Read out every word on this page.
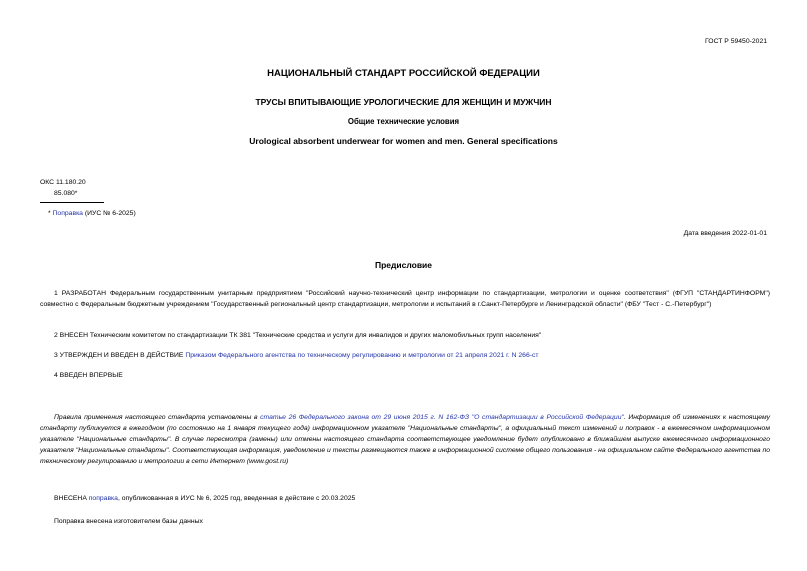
ГОСТ Р 59450-2021
НАЦИОНАЛЬНЫЙ СТАНДАРТ РОССИЙСКОЙ ФЕДЕРАЦИИ
ТРУСЫ ВПИТЫВАЮЩИЕ УРОЛОГИЧЕСКИЕ ДЛЯ ЖЕНЩИН И МУЖЧИН
Общие технические условия
Urological absorbent underwear for women and men. General specifications
ОКС 11.180.20
85.080*
* Поправка (ИУС № 6-2025)
Дата введения 2022-01-01
Предисловие
1 РАЗРАБОТАН Федеральным государственным унитарным предприятием "Российский научно-технический центр информации по стандартизации, метрологии и оценке соответствия" (ФГУП "СТАНДАРТИНФОРМ") совместно с Федеральным бюджетным учреждением "Государственный региональный центр стандартизации, метрологии и испытаний в г.Санкт-Петербурге и Ленинградской области" (ФБУ "Тест - С.-Петербург")
2 ВНЕСЕН Техническим комитетом по стандартизации ТК 381 "Технические средства и услуги для инвалидов и других маломобильных групп населения"
3 УТВЕРЖДЕН И ВВЕДЕН В ДЕЙСТВИЕ Приказом Федерального агентства по техническому регулированию и метрологии от 21 апреля 2021 г. N 266-ст
4 ВВЕДЕН ВПЕРВЫЕ
Правила применения настоящего стандарта установлены в статье 26 Федерального закона от 29 июня 2015 г. N 162-ФЗ "О стандартизации в Российской Федерации". Информация об изменениях к настоящему стандарту публикуется в ежегодном (по состоянию на 1 января текущего года) информационном указателе "Национальные стандарты", а официальный текст изменений и поправок - в ежемесячном информационном указателе "Национальные стандарты". В случае пересмотра (замены) или отмены настоящего стандарта соответствующее уведомление будет опубликовано в ближайшем выпуске ежемесячного информационного указателя "Национальные стандарты". Соответствующая информация, уведомление и тексты размещаются также в информационной системе общего пользования - на официальном сайте Федерального агентства по техническому регулированию и метрологии в сети Интернет (www.gost.ru)
ВНЕСЕНА поправка, опубликованная в ИУС № 6, 2025 год, введенная в действие с 20.03.2025
Поправка внесена изготовителем базы данных
